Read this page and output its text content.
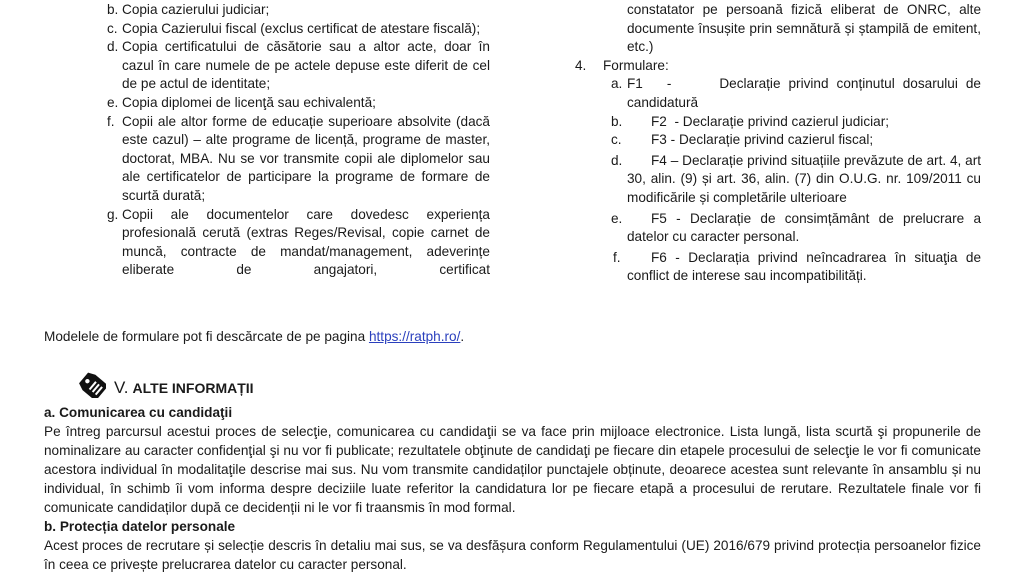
b. Copia cazierului judiciar;
c. Copia Cazierului fiscal (exclus certificat de atestare fiscală);
d. Copia certificatului de căsătorie sau a altor acte, doar în cazul în care numele de pe actele depuse este diferit de cel de pe actul de identitate;
e. Copia diplomei de licenţă sau echivalentă;
f. Copii ale altor forme de educație superioare absolvite (dacă este cazul) – alte programe de licență, programe de master, doctorat, MBA. Nu se vor transmite copii ale diplomelor sau ale certificatelor de participare la programe de formare de scurtă durată;
g. Copii ale documentelor care dovedesc experiența profesională cerută (extras Reges/Revisal, copie carnet de muncă, contracte de mandat/management, adeverințe eliberate de angajatori, certificat
constatator pe persoană fizică eliberat de ONRC, alte documente însușite prin semnătură și ștampilă de emitent, etc.)
4. Formulare:
a. F1 -	Declarație privind conținutul dosarului de candidatură
b. F2 - Declarație privind cazierul judiciar;
c. F3 - Declarație privind cazierul fiscal;
d. F4 – Declarație privind situațiile prevăzute de art. 4, art 30, alin. (9) și art. 36, alin. (7) din O.U.G. nr. 109/2011 cu modificările și completările ulterioare
e. F5 - Declarație de consimțământ de prelucrare a datelor cu caracter personal.
f. F6 - Declarația privind neîncadrarea în situaţia de conflict de interese sau incompatibilități.
Modelele de formulare pot fi descărcate de pe pagina https://ratph.ro/.
V. ALTE INFORMAȚII
a. Comunicarea cu candidaţii
Pe întreg parcursul acestui proces de selecţie, comunicarea cu candidaţii se va face prin mijloace electronice. Lista lungă, lista scurtă şi propunerile de nominalizare au caracter confidenţial şi nu vor fi publicate; rezultatele obţinute de candidaţi pe fiecare din etapele procesului de selecţie le vor fi comunicate acestora individual în modalitaţile descrise mai sus. Nu vom transmite candidaților punctajele obținute, deoarece acestea sunt relevante în ansamblu și nu individual, în schimb îi vom informa despre deciziile luate referitor la candidatura lor pe fiecare etapă a procesului de rerutare. Rezultatele finale vor fi comunicate candidaților după ce decidenții ni le vor fi traansmis în mod formal.
b. Protecția datelor personale
Acest proces de recrutare și selecție descris în detaliu mai sus, se va desfășura conform Regulamentului (UE) 2016/679 privind protecția persoanelor fizice în ceea ce privește prelucrarea datelor cu caracter personal.
